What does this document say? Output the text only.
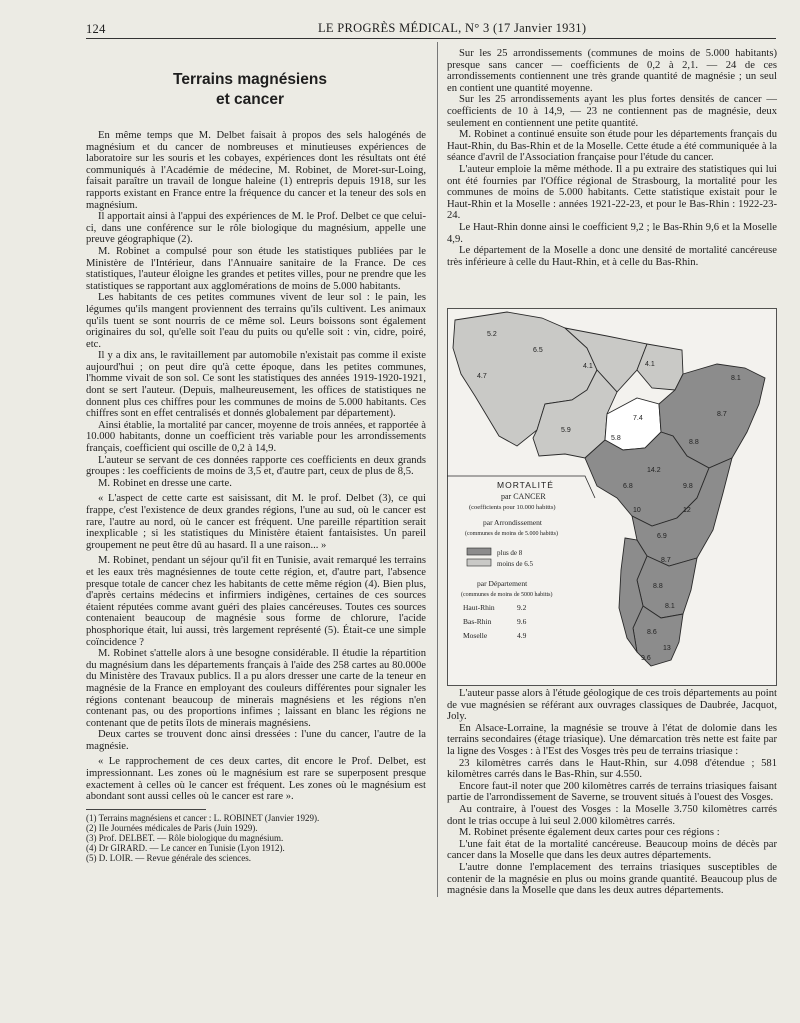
124	LE PROGRÈS MÉDICAL, N° 3 (17 Janvier 1931)
Terrains magnésiens
et cancer

En même temps que M. Delbet faisait à propos des sels halogénés de magnésium et du cancer de nombreuses et minutieuses expériences de laboratoire sur les souris et les cobayes, expériences dont les résultats ont été communiqués à l'Académie de médecine, M. Robinet, de Moret-sur-Loing, faisait paraître un travail de longue haleine (1) entrepris depuis 1918, sur les rapports existant en France entre la fréquence du cancer et la teneur des sols en magnésium.

Il apportait ainsi à l'appui des expériences de M. le Prof. Delbet ce que celui-ci, dans une conférence sur le rôle biologique du magnésium, appelle une preuve géographique (2).

M. Robinet a compulsé pour son étude les statistiques publiées par le Ministère de l'Intérieur, dans l'Annuaire sanitaire de la France. De ces statistiques, l'auteur éloigne les grandes et petites villes, pour ne prendre que les statistiques se rapportant aux agglomérations de moins de 5.000 habitants.

Les habitants de ces petites communes vivent de leur sol : le pain, les légumes qu'ils mangent proviennent des terrains qu'ils cultivent. Les animaux qu'ils tuent se sont nourris de ce même sol. Leurs boissons sont également originaires du sol, qu'elle soit l'eau du puits ou qu'elle soit : vin, cidre, poiré, etc.

Il y a dix ans, le ravitaillement par automobile n'existait pas comme il existe aujourd'hui ; on peut dire qu'à cette époque, dans les petites communes, l'homme vivait de son sol. Ce sont les statistiques des années 1919-1920-1921, dont se sert l'auteur. (Depuis, malheureusement, les offices de statistiques ne donnent plus ces chiffres pour les communes de moins de 5.000 habitants. Ces chiffres sont en effet centralisés et donnés globalement par département).

Ainsi établie, la mortalité par cancer, moyenne de trois années, et rapportée à 10.000 habitants, donne un coefficient très variable pour les arrondissements français, coefficient qui oscille de 0,2 à 14,9.

L'auteur se servant de ces données rapporte ces coefficients en deux grands groupes : les coefficients de moins de 3,5 et, d'autre part, ceux de plus de 8,5.

M. Robinet en dresse une carte.

« L'aspect de cette carte est saisissant, dit M. le prof. Delbet (3), ce qui frappe, c'est l'existence de deux grandes régions, l'une au sud, où le cancer est rare, l'autre au nord, où le cancer est fréquent. Une pareille répartition serait inexplicable ; si les statistiques du Ministère étaient fantaisistes. Un pareil groupement ne peut être dû au hasard. Il a une raison... »

M. Robinet, pendant un séjour qu'il fit en Tunisie, avait remarqué les terrains et les eaux très magnésiennes de toute cette région, et, d'autre part, l'absence presque totale de cancer chez les habitants de cette même région (4). Bien plus, d'après certains médecins et infirmiers indigènes, certaines de ces sources étaient réputées comme avant guéri des plaies cancéreuses. Toutes ces sources contenaient beaucoup de magnésie sous forme de chlorure, l'acide phosphorique était, lui aussi, très largement représenté (5). Était-ce une simple coïncidence ?

M. Robinet s'attelle alors à une besogne considérable. Il étudie la répartition du magnésium dans les départements français à l'aide des 258 cartes au 80.000e du Ministère des Travaux publics. Il a pu alors dresser une carte de la teneur en magnésie de la France en employant des couleurs différentes pour signaler les régions contenant beaucoup de minerais magnésiens et les régions n'en contenant pas, ou des proportions infimes ; laissant en blanc les régions ne contenant que de petits îlots de minerais magnésiens.

Deux cartes se trouvent donc ainsi dressées : l'une du cancer, l'autre de la magnésie.

« Le rapprochement de ces deux cartes, dit encore le Prof. Delbet, est impressionnant. Les zones où le magnésium est rare se superposent presque exactement à celles où le cancer est fréquent. Les zones où le magnésium est abondant sont aussi celles où le cancer est rare ».

(1) Terrains magnésiens et cancer : L. ROBINET (Janvier 1929).

(2) IIe Journées médicales de Paris (Juin 1929).

(3) Prof. DELBET. — Rôle biologique du magnésium.

(4) Dr GIRARD. — Le cancer en Tunisie (Lyon 1912).

(5) D. LOIR. — Revue générale des sciences.

Sur les 25 arrondissements (communes de moins de 5.000 habitants) presque sans cancer — coefficients de 0,2 à 2,1. — 24 de ces arrondissements contiennent une très grande quantité de magnésie ; un seul en contient une quantité moyenne.

Sur les 25 arrondissements ayant les plus fortes densités de cancer — coefficients de 10 à 14,9, — 23 ne contiennent pas de magnésie, deux seulement en contiennent une petite quantité.

M. Robinet a continué ensuite son étude pour les départements français du Haut-Rhin, du Bas-Rhin et de la Moselle. Cette étude a été communiquée à la séance d'avril de l'Association française pour l'étude du cancer.

L'auteur emploie la même méthode. Il a pu extraire des statistiques qui lui ont été fournies par l'Office régional de Strasbourg, la mortalité pour les communes de moins de 5.000 habitants. Cette statistique existait pour le Haut-Rhin et la Moselle : années 1921-22-23, et pour le Bas-Rhin : 1922-23-24.

Le Haut-Rhin donne ainsi le coefficient 9,2 ; le Bas-Rhin 9,6 et la Moselle 4,9.

Le département de la Moselle a donc une densité de mortalité cancéreuse très inférieure à celle du Haut-Rhin, et à celle du Bas-Rhin.

5.2
6.5
4.7
4.1	4.1
8.1
7.4
8.7
5.9
5.8
8.8
14.2
6.8	9.8
10	12
6.9
8.7
8.8
8.1
8.6
13
9.6
MORTALITÉ
par CANCER
(coefficients pour 10.000 habitts)
par Arrondissement
(communes de moins de 5.000 habitts)
plus de 8
moins de 6.5
par Département
(communes de moins de 5000 habitts)
Haut-Rhin	9.2
Bas-Rhin	9.6
Moselle	4.9

L'auteur passe alors à l'étude géologique de ces trois départements au point de vue magnésien se référant aux ouvrages classiques de Daubrée, Jacquot, Joly.

En Alsace-Lorraine, la magnésie se trouve à l'état de dolomie dans les terrains secondaires (étage triasique). Une démarcation très nette est faite par la ligne des Vosges : à l'Est des Vosges très peu de terrains triasique :

23 kilomètres carrés dans le Haut-Rhin, sur 4.098 d'étendue ; 581 kilomètres carrés dans le Bas-Rhin, sur 4.550.

Encore faut-il noter que 200 kilomètres carrés de terrains triasiques faisant partie de l'arrondissement de Saverne, se trouvent situés à l'ouest des Vosges.

Au contraire, à l'ouest des Vosges : la Moselle 3.750 kilomètres carrés dont le trias occupe à lui seul 2.000 kilomètres carrés.

M. Robinet présente également deux cartes pour ces régions :

L'une fait état de la mortalité cancéreuse. Beaucoup moins de décès par cancer dans la Moselle que dans les deux autres départements.

L'autre donne l'emplacement des terrains triasiques susceptibles de contenir de la magnésie en plus ou moins grande quantité. Beaucoup plus de magnésie dans la Moselle que dans les deux autres départements.
